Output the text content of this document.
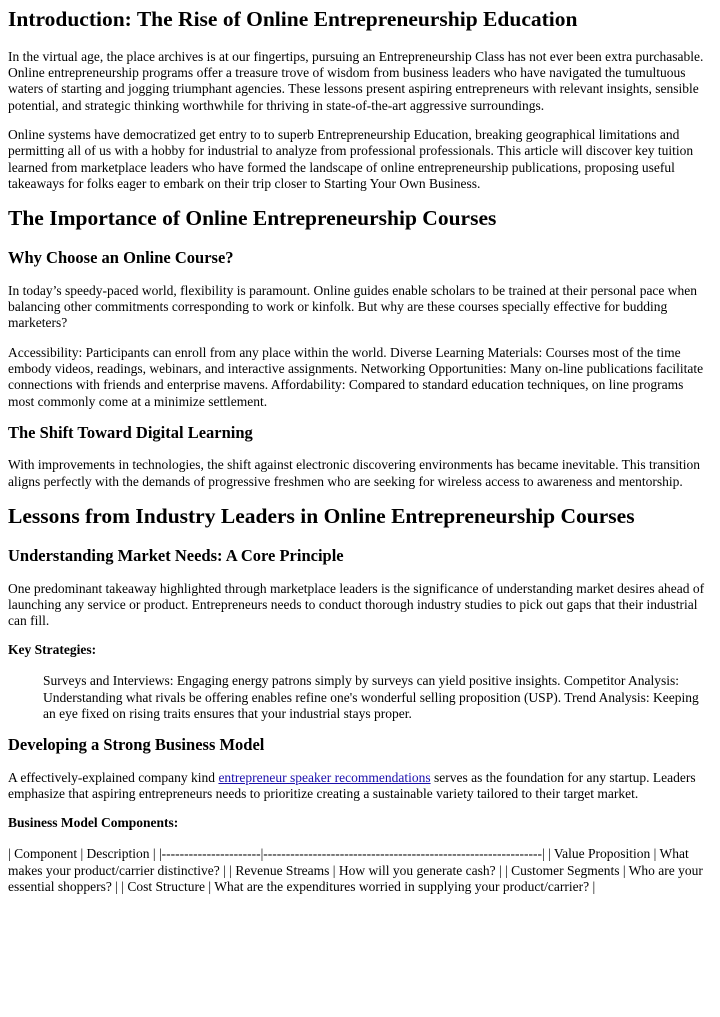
Introduction: The Rise of Online Entrepreneurship Education

In the virtual age, the place archives is at our fingertips, pursuing an Entrepreneurship Class has not ever been extra purchasable. Online entrepreneurship programs offer a treasure trove of wisdom from business leaders who have navigated the tumultuous waters of starting and jogging triumphant agencies. These lessons present aspiring entrepreneurs with relevant insights, sensible potential, and strategic thinking worthwhile for thriving in state-of-the-art aggressive surroundings.

Online systems have democratized get entry to to superb Entrepreneurship Education, breaking geographical limitations and permitting all of us with a hobby for industrial to analyze from professional professionals. This article will discover key tuition learned from marketplace leaders who have formed the landscape of online entrepreneurship publications, proposing useful takeaways for folks eager to embark on their trip closer to Starting Your Own Business.

The Importance of Online Entrepreneurship Courses
Why Choose an Online Course?

In today’s speedy-paced world, flexibility is paramount. Online guides enable scholars to be trained at their personal pace when balancing other commitments corresponding to work or kinfolk. But why are these courses specially effective for budding marketers?

Accessibility: Participants can enroll from any place within the world. Diverse Learning Materials: Courses most of the time embody videos, readings, webinars, and interactive assignments. Networking Opportunities: Many on-line publications facilitate connections with friends and enterprise mavens. Affordability: Compared to standard education techniques, on line programs most commonly come at a minimize settlement.

The Shift Toward Digital Learning

With improvements in technologies, the shift against electronic discovering environments has became inevitable. This transition aligns perfectly with the demands of progressive freshmen who are seeking for wireless access to awareness and mentorship.

Lessons from Industry Leaders in Online Entrepreneurship Courses
Understanding Market Needs: A Core Principle

One predominant takeaway highlighted through marketplace leaders is the significance of understanding market desires ahead of launching any service or product. Entrepreneurs needs to conduct thorough industry studies to pick out gaps that their industrial can fill.

Key Strategies:
Surveys and Interviews: Engaging energy patrons simply by surveys can yield positive insights. Competitor Analysis: Understanding what rivals be offering enables refine one's wonderful selling proposition (USP). Trend Analysis: Keeping an eye fixed on rising traits ensures that your industrial stays proper.
Developing a Strong Business Model

A effectively-explained company kind entrepreneur speaker recommendations serves as the foundation for any startup. Leaders emphasize that aspiring entrepreneurs needs to prioritize creating a sustainable variety tailored to their target market.

Business Model Components:

| Component | Description | |----------------------|--------------------------------------------------------------| | Value Proposition | What makes your product/carrier distinctive? | | Revenue Streams | How will you generate cash? | | Customer Segments | Who are your essential shoppers? | | Cost Structure | What are the expenditures worried in supplying your product/carrier? |
